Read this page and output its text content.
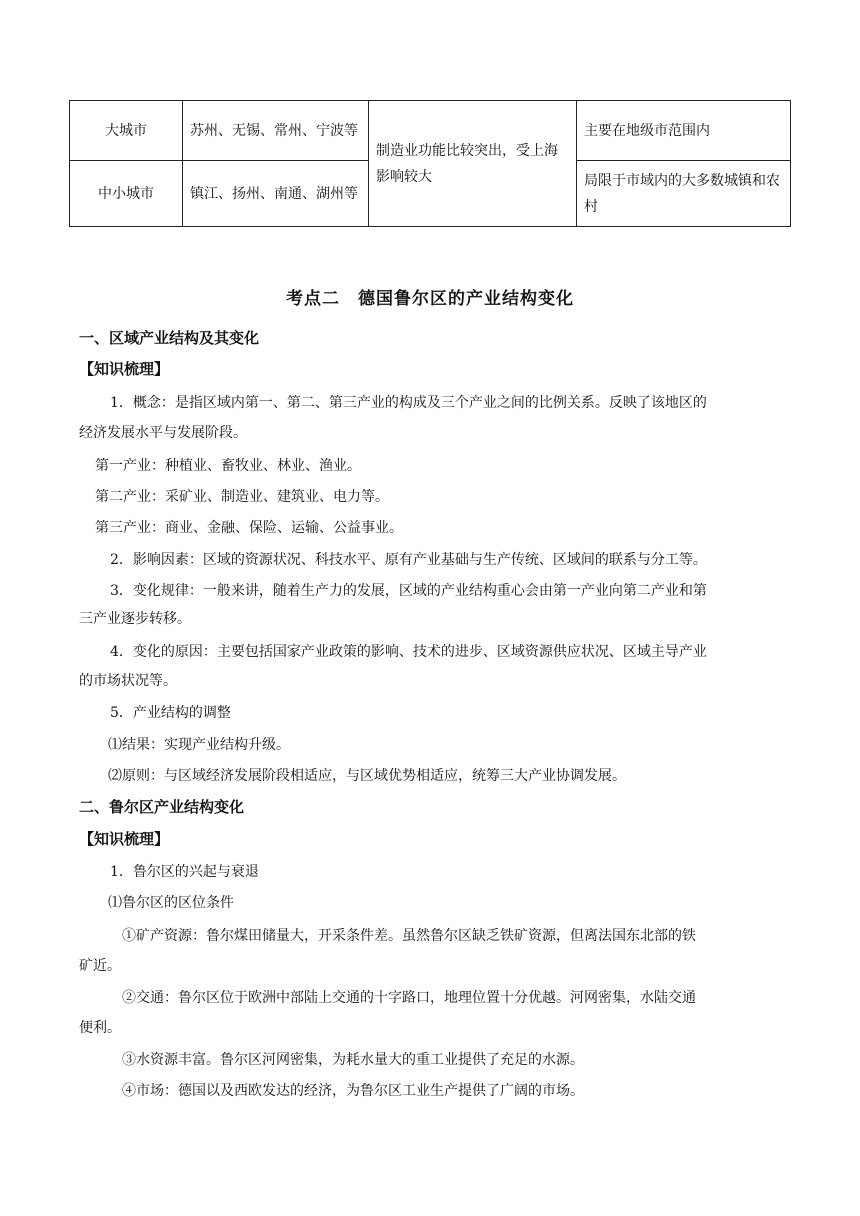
大城市	苏州、无锡、常州、宁波等	制造业功能比较突出，受上海影响较大	主要在地级市范围内
中小城市	镇江、扬州、南通、湖州等		局限于市域内的大多数城镇和农村
考点二　德国鲁尔区的产业结构变化
一、区域产业结构及其变化
【知识梳理】
1．概念：是指区域内第一、第二、第三产业的构成及三个产业之间的比例关系。反映了该地区的
经济发展水平与发展阶段。
第一产业：种植业、畜牧业、林业、渔业。
第二产业：采矿业、制造业、建筑业、电力等。
第三产业：商业、金融、保险、运输、公益事业。
2．影响因素：区域的资源状况、科技水平、原有产业基础与生产传统、区域间的联系与分工等。
3．变化规律：一般来讲，随着生产力的发展，区域的产业结构重心会由第一产业向第二产业和第
三产业逐步转移。
4．变化的原因：主要包括国家产业政策的影响、技术的进步、区域资源供应状况、区域主导产业
的市场状况等。
5．产业结构的调整
⑴结果：实现产业结构升级。
⑵原则：与区域经济发展阶段相适应，与区域优势相适应，统筹三大产业协调发展。
二、鲁尔区产业结构变化
【知识梳理】
1．鲁尔区的兴起与衰退
⑴鲁尔区的区位条件
①矿产资源：鲁尔煤田储量大，开采条件差。虽然鲁尔区缺乏铁矿资源，但离法国东北部的铁
矿近。
②交通：鲁尔区位于欧洲中部陆上交通的十字路口，地理位置十分优越。河网密集，水陆交通
便利。
③水资源丰富。鲁尔区河网密集，为耗水量大的重工业提供了充足的水源。
④市场：德国以及西欧发达的经济，为鲁尔区工业生产提供了广阔的市场。
